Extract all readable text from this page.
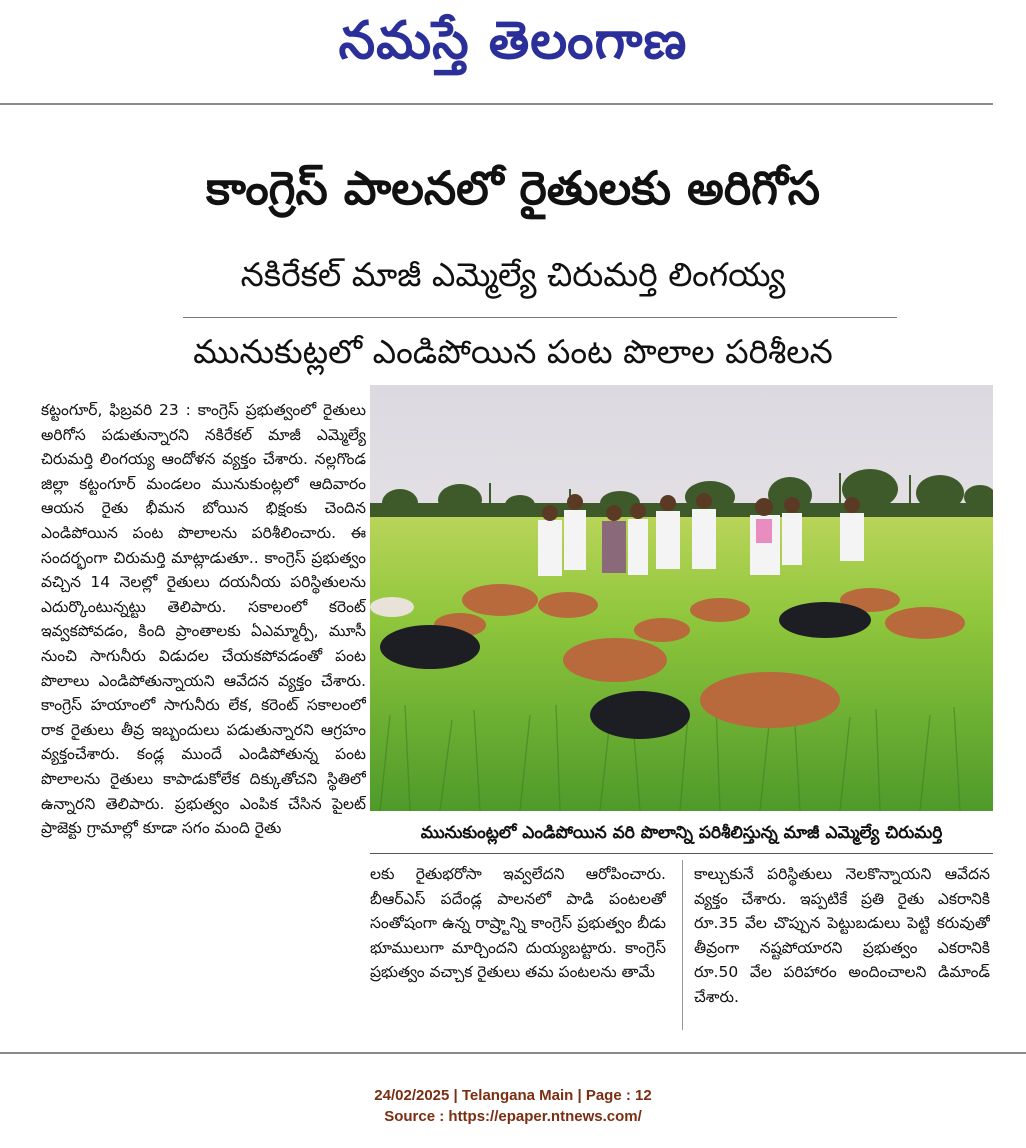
నమస్తే తెలంగాణ
కాంగ్రెస్ పాలనలో రైతులకు అరిగోస
నకిరేకల్ మాజీ ఎమ్మెల్యే చిరుమర్తి లింగయ్య
మునుకుట్లలో ఎండిపోయిన పంట పొలాల పరిశీలన
కట్టంగూర్, ఫిబ్రవరి 23 : కాంగ్రెస్ ప్రభుత్వంలో రైతులు అరిగోస పడుతున్నారని నకిరేకల్ మాజీ ఎమ్మెల్యే చిరుమర్తి లింగయ్య ఆందోళన వ్యక్తం చేశారు. నల్లగొండ జిల్లా కట్టంగూర్ మండలం మునుకుంట్లలో ఆదివారం ఆయన రైతు భీమన బోయిన భిక్షంకు చెందిన ఎండిపోయిన పంట పొలాలను పరిశీలించారు. ఈ సందర్భంగా చిరుమర్తి మాట్లాడుతూ.. కాంగ్రెస్ ప్రభుత్వం వచ్చిన 14 నెలల్లో రైతులు దయనీయ పరిస్థితులను ఎదుర్కొంటున్నట్టు తెలిపారు. సకాలంలో కరెంట్ ఇవ్వకపోవడం, కింది ప్రాంతాలకు ఏఎమ్మార్పీ, మూసీ నుంచి సాగునీరు విడుదల చేయకపోవడంతో పంట పొలాలు ఎండిపోతున్నాయని ఆవేదన వ్యక్తం చేశారు. కాంగ్రెస్ హయాంలో సాగునీరు లేక, కరెంట్ సకాలంలో రాక రైతులు తీవ్ర ఇబ్బందులు పడుతున్నారని ఆగ్రహం వ్యక్తంచేశారు. కండ్ల ముందే ఎండిపోతున్న పంట పొలాలను రైతులు కాపాడుకోలేక దిక్కుతోచని స్థితిలో ఉన్నారని తెలిపారు. ప్రభుత్వం ఎంపిక చేసిన పైలట్ ప్రాజెక్టు గ్రామాల్లో కూడా సగం మంది రైతు	మునుకుంట్లలో ఎండిపోయిన వరి పొలాన్ని పరిశీలిస్తున్న మాజీ ఎమ్మెల్యే చిరుమర్తి
లకు రైతుభరోసా ఇవ్వలేదని ఆరోపించారు. బీఆర్ఎస్ పదేండ్ల పాలనలో పాడి పంటలతో సంతోషంగా ఉన్న రాష్ర్టాన్ని కాంగ్రెస్ ప్రభుత్వం బీడు భూములుగా మార్చిందని దుయ్యబట్టారు. కాంగ్రెస్ ప్రభుత్వం వచ్చాక రైతులు తమ పంటలను తామే
కాల్చుకునే పరిస్థితులు నెలకొన్నాయని ఆవేదన వ్యక్తం చేశారు. ఇప్పటికే ప్రతి రైతు ఎకరానికి రూ.35 వేల చొప్పున పెట్టుబడులు పెట్టి కరువుతో తీవ్రంగా నష్టపోయారని ప్రభుత్వం ఎకరానికి రూ.50 వేల పరిహారం అందించాలని డిమాండ్ చేశారు.
24/02/2025 | Telangana Main | Page : 12
Source : https://epaper.ntnews.com/
